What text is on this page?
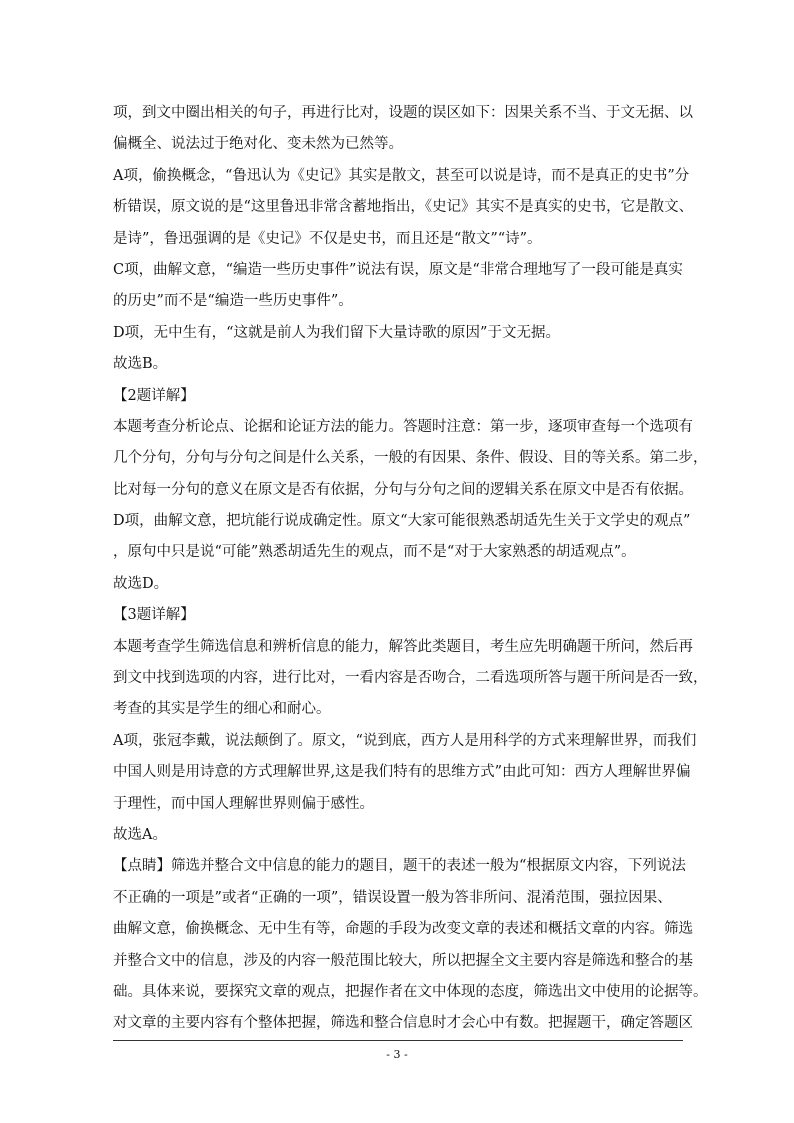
项，到文中圈出相关的句子，再进行比对，设题的误区如下：因果关系不当、于文无据、以
偏概全、说法过于绝对化、变未然为已然等。
A项，偷换概念，“鲁迅认为《史记》其实是散文，甚至可以说是诗，而不是真正的史书”分
析错误，原文说的是“这里鲁迅非常含蓄地指出，《史记》其实不是真实的史书，它是散文、
是诗”，鲁迅强调的是《史记》不仅是史书，而且还是“散文”“诗”。
C项，曲解文意，“编造一些历史事件”说法有误，原文是“非常合理地写了一段可能是真实
的历史”而不是“编造一些历史事件”。
D项，无中生有，“这就是前人为我们留下大量诗歌的原因”于文无据。
故选B。
【2题详解】
本题考查分析论点、论据和论证方法的能力。答题时注意：第一步，逐项审查每一个选项有
几个分句，分句与分句之间是什么关系，一般的有因果、条件、假设、目的等关系。第二步，
比对每一分句的意义在原文是否有依据，分句与分句之间的逻辑关系在原文中是否有依据。
D项，曲解文意，把坑能行说成确定性。原文“大家可能很熟悉胡适先生关于文学史的观点”
，原句中只是说“可能”熟悉胡适先生的观点，而不是“对于大家熟悉的胡适观点”。
故选D。
【3题详解】
本题考查学生筛选信息和辨析信息的能力，解答此类题目，考生应先明确题干所问，然后再
到文中找到选项的内容，进行比对，一看内容是否吻合，二看选项所答与题干所问是否一致，
考查的其实是学生的细心和耐心。
A项，张冠李戴，说法颠倒了。原文，“说到底，西方人是用科学的方式来理解世界，而我们
中国人则是用诗意的方式理解世界,这是我们特有的思维方式”由此可知：西方人理解世界偏
于理性，而中国人理解世界则偏于感性。
故选A。
【点睛】筛选并整合文中信息的能力的题目，题干的表述一般为“根据原文内容，下列说法
不正确的一项是”或者“正确的一项”，错误设置一般为答非所问、混淆范围，强拉因果、
曲解文意，偷换概念、无中生有等，命题的手段为改变文章的表述和概括文章的内容。筛选
并整合文中的信息，涉及的内容一般范围比较大，所以把握全文主要内容是筛选和整合的基
础。具体来说，要探究文章的观点，把握作者在文中体现的态度，筛选出文中使用的论据等。
对文章的主要内容有个整体把握，筛选和整合信息时才会心中有数。把握题干，确定答题区
- 3 -
